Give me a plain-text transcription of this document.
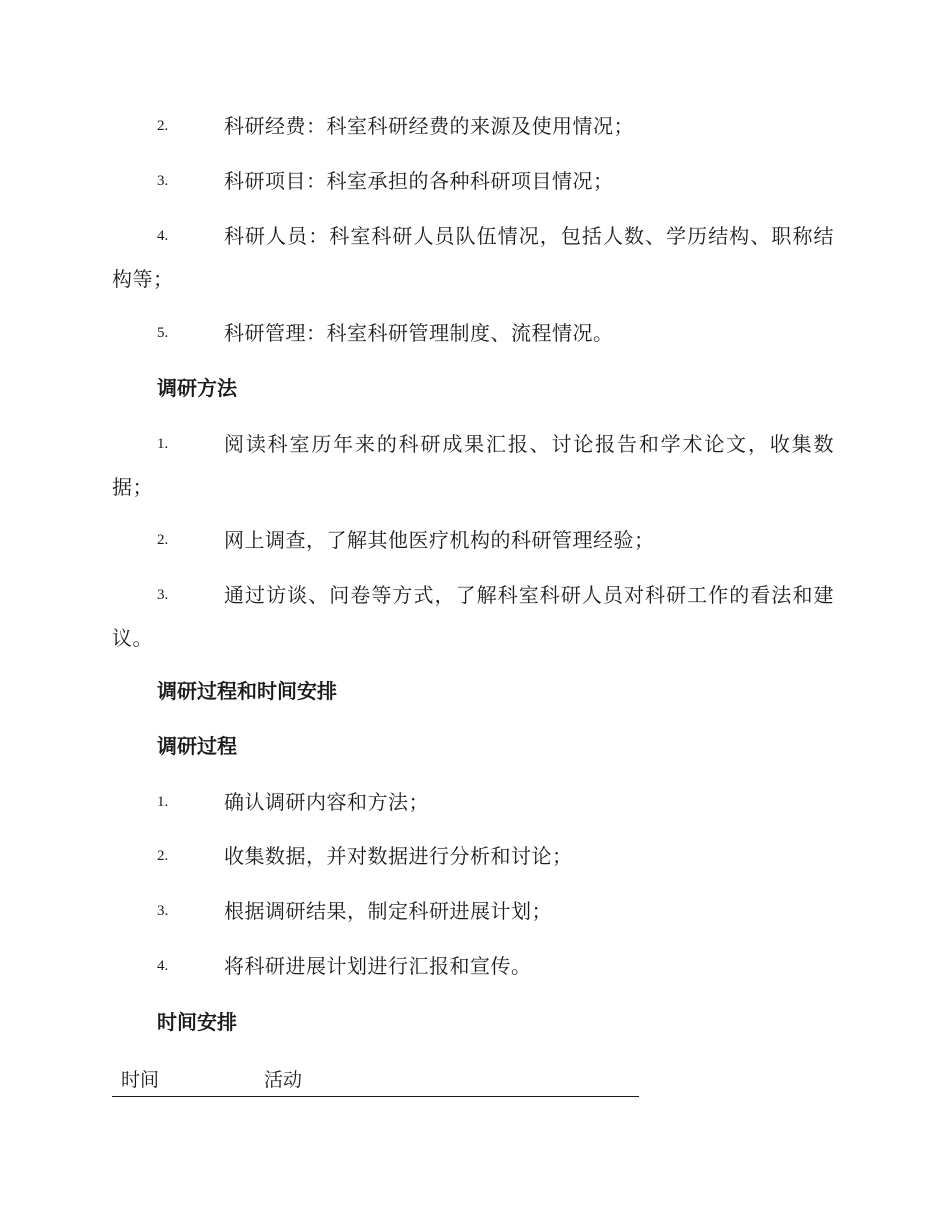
2.	科研经费：科室科研经费的来源及使用情况；
3.	科研项目：科室承担的各种科研项目情况；
4.	科研人员：科室科研人员队伍情况，包括人数、学历结构、职称结构等；
5.	科研管理：科室科研管理制度、流程情况。
调研方法
1.	阅读科室历年来的科研成果汇报、讨论报告和学术论文，收集数据；
2.	网上调查，了解其他医疗机构的科研管理经验；
3.	通过访谈、问卷等方式，了解科室科研人员对科研工作的看法和建议。
调研过程和时间安排
调研过程
1.	确认调研内容和方法；
2.	收集数据，并对数据进行分析和讨论；
3.	根据调研结果，制定科研进展计划；
4.	将科研进展计划进行汇报和宣传。
时间安排
时间	活动
